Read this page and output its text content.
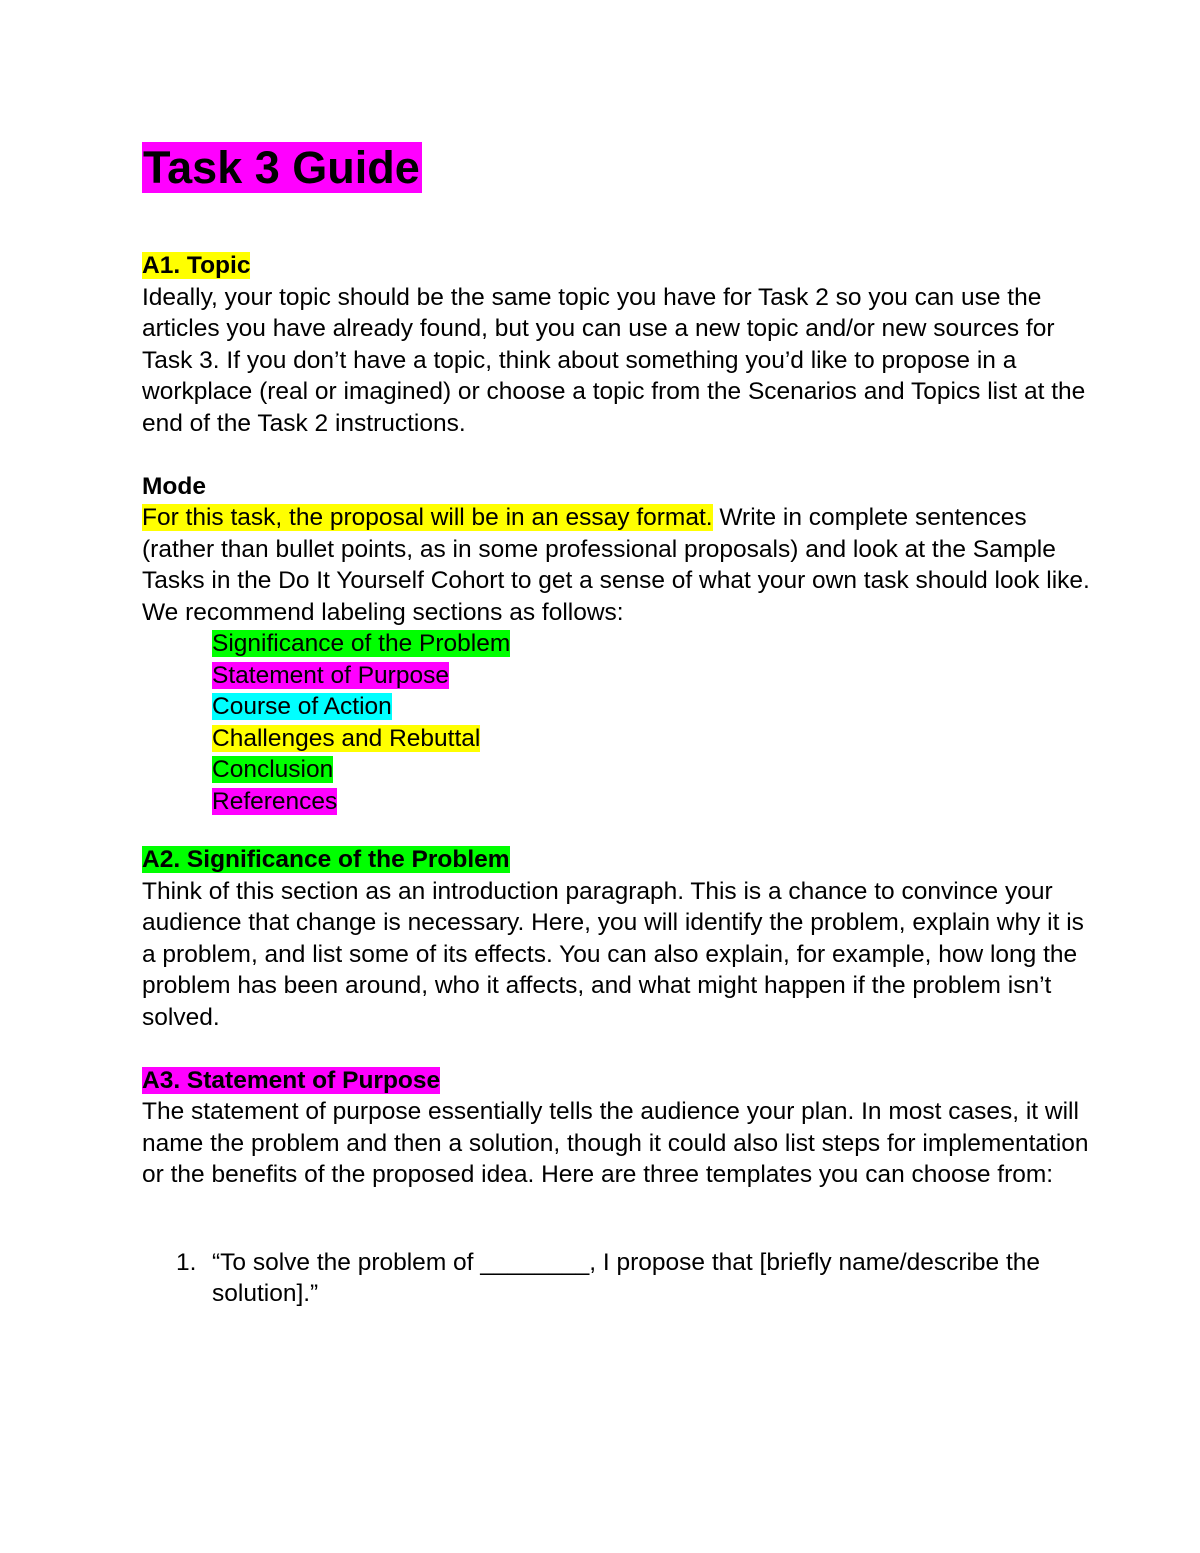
Task 3 Guide

A1. Topic

Ideally, your topic should be the same topic you have for Task 2 so you can use the articles you have already found, but you can use a new topic and/or new sources for Task 3. If you don’t have a topic, think about something you’d like to propose in a workplace (real or imagined) or choose a topic from the Scenarios and Topics list at the end of the Task 2 instructions.

Mode

For this task, the proposal will be in an essay format. Write in complete sentences (rather than bullet points, as in some professional proposals) and look at the Sample Tasks in the Do It Yourself Cohort to get a sense of what your own task should look like. We recommend labeling sections as follows:

Significance of the Problem
Statement of Purpose
Course of Action
Challenges and Rebuttal
Conclusion
References

A2. Significance of the Problem

Think of this section as an introduction paragraph. This is a chance to convince your audience that change is necessary. Here, you will identify the problem, explain why it is a problem, and list some of its effects. You can also explain, for example, how long the problem has been around, who it affects, and what might happen if the problem isn’t solved.

A3. Statement of Purpose

The statement of purpose essentially tells the audience your plan. In most cases, it will name the problem and then a solution, though it could also list steps for implementation or the benefits of the proposed idea. Here are three templates you can choose from:

1. “To solve the problem of ________, I propose that [briefly name/describe the solution].”
